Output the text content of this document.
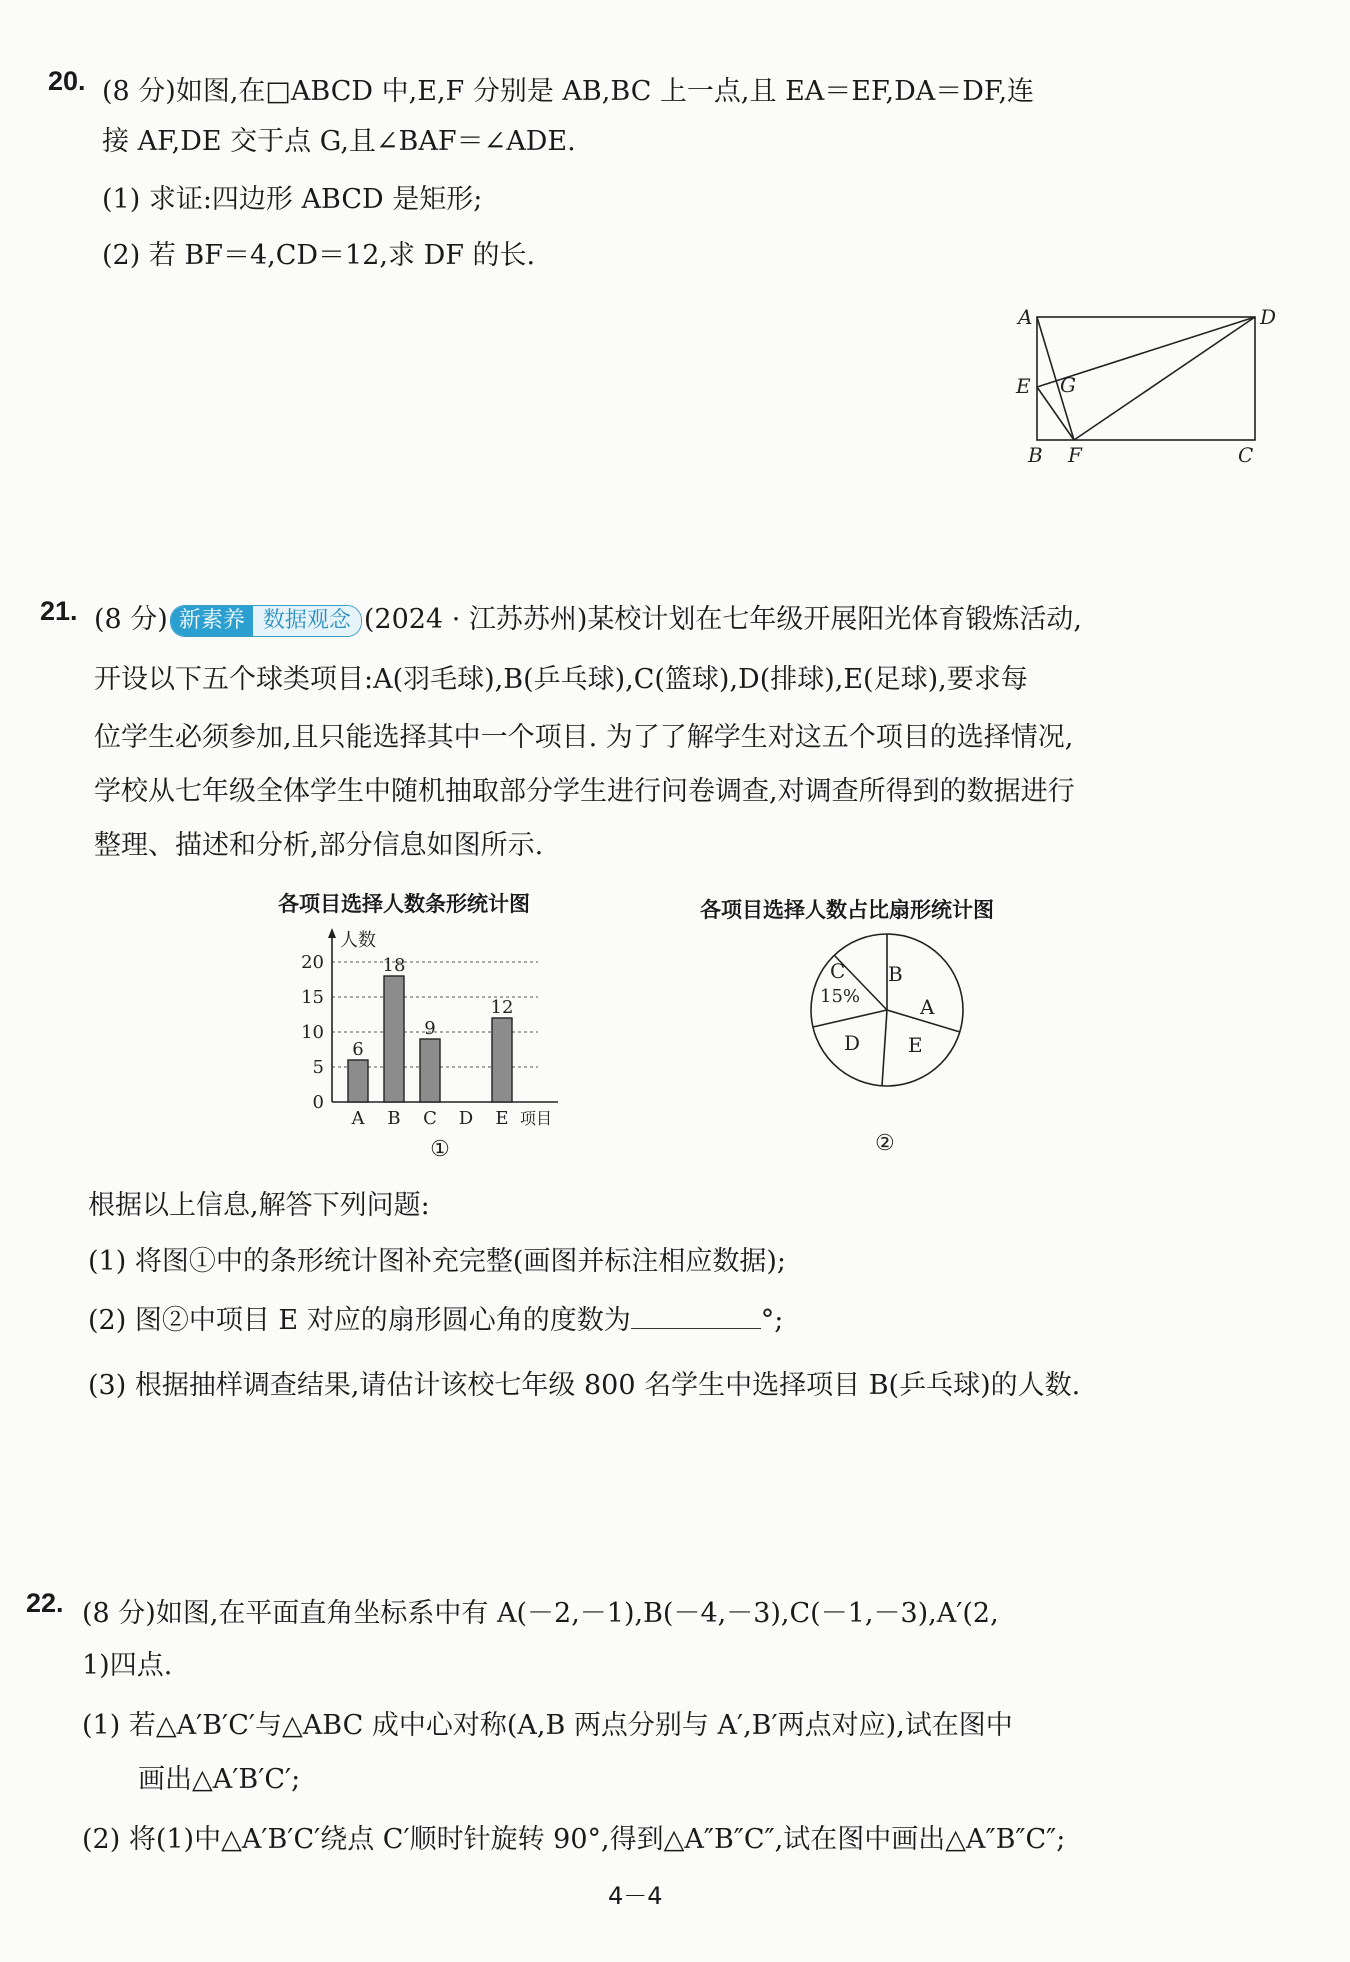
20. (8 分)如图,在□ABCD 中,E,F 分别是 AB,BC 上一点,且 EA＝EF,DA＝DF,连
接 AF,DE 交于点 G,且∠BAF＝∠ADE.
(1) 求证:四边形 ABCD 是矩形;
(2) 若 BF＝4,CD＝12,求 DF 的长.
A	D
E G
B F	C
21. (8 分) 新素养 数据观念 (2024 · 江苏苏州)某校计划在七年级开展阳光体育锻炼活动,
开设以下五个球类项目:A(羽毛球),B(乒乓球),C(篮球),D(排球),E(足球),要求每
位学生必须参加,且只能选择其中一个项目. 为了了解学生对这五个项目的选择情况,
学校从七年级全体学生中随机抽取部分学生进行问卷调查,对调查所得到的数据进行
整理、描述和分析,部分信息如图所示.
各项目选择人数条形统计图
0
5
10
15
20
人数
6
A
18
B
9
C D
12
E 项目
①
各项目选择人数占比扇形统计图
B
A
E
D
C
15%
②
根据以上信息,解答下列问题:
(1) 将图①中的条形统计图补充完整(画图并标注相应数据);
(2) 图②中项目 E 对应的扇形圆心角的度数为	°;
(3) 根据抽样调查结果,请估计该校七年级 800 名学生中选择项目 B(乒乓球)的人数.
22. (8 分)如图,在平面直角坐标系中有 A(－2,－1),B(－4,－3),C(－1,－3),A′(2,
1)四点.
(1) 若△A′B′C′与△ABC 成中心对称(A,B 两点分别与 A′,B′两点对应),试在图中
画出△A′B′C′;
(2) 将(1)中△A′B′C′绕点 C′顺时针旋转 90°,得到△A″B″C″,试在图中画出△A″B″C″;
4－4
